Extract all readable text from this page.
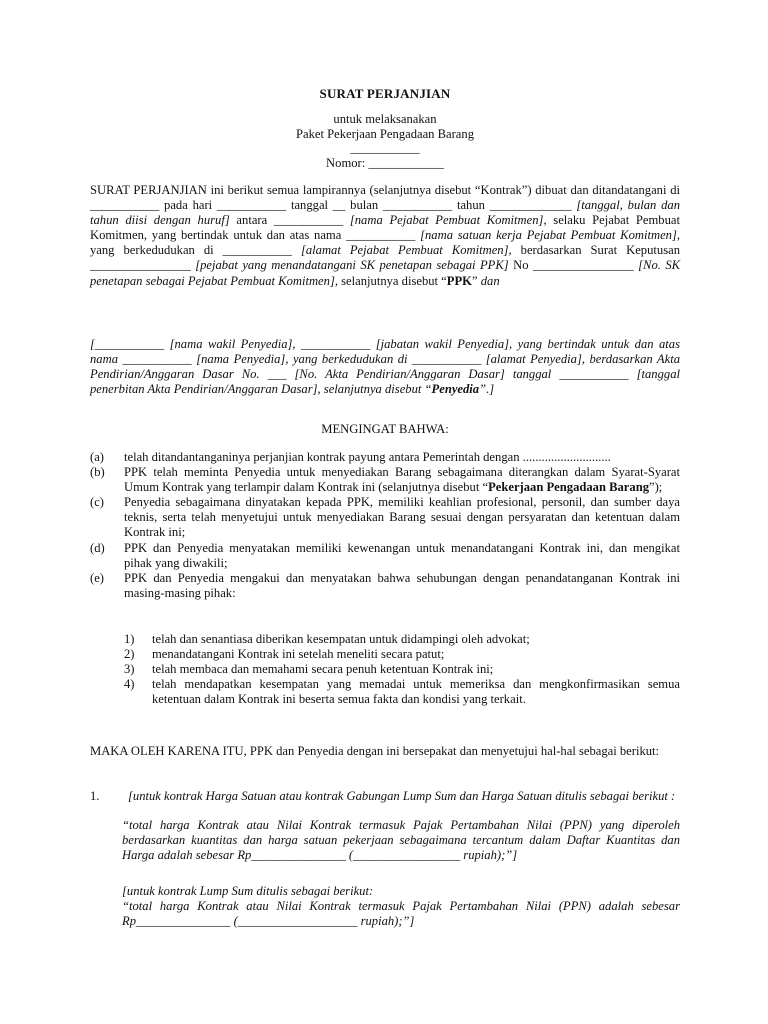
SURAT PERJANJIAN
untuk melaksanakan
Paket Pekerjaan Pengadaan Barang
___________
Nomor: ____________
SURAT PERJANJIAN ini berikut semua lampirannya (selanjutnya disebut “Kontrak”) dibuat dan ditandatangani di ___________ pada hari ___________ tanggal __ bulan ___________ tahun _____________ [tanggal, bulan dan tahun diisi dengan huruf] antara ___________ [nama Pejabat Pembuat Komitmen], selaku Pejabat Pembuat Komitmen, yang bertindak untuk dan atas nama ___________ [nama satuan kerja Pejabat Pembuat Komitmen], yang berkedudukan di ___________ [alamat Pejabat Pembuat Komitmen], berdasarkan Surat Keputusan ________________ [pejabat yang menandatangani SK penetapan sebagai PPK] No ________________ [No. SK penetapan sebagai Pejabat Pembuat Komitmen], selanjutnya disebut “PPK” dan
[___________ [nama wakil Penyedia], ___________ [jabatan wakil Penyedia], yang bertindak untuk dan atas nama ___________ [nama Penyedia], yang berkedudukan di ___________ [alamat Penyedia], berdasarkan Akta Pendirian/Anggaran Dasar No. ___ [No. Akta Pendirian/Anggaran Dasar] tanggal ___________ [tanggal penerbitan Akta Pendirian/Anggaran Dasar], selanjutnya disebut “Penyedia”.]
MENGINGAT BAHWA:
(a) telah ditandantanganinya perjanjian kontrak payung antara Pemerintah dengan ............................
(b) PPK telah meminta Penyedia untuk menyediakan Barang sebagaimana diterangkan dalam Syarat-Syarat Umum Kontrak yang terlampir dalam Kontrak ini (selanjutnya disebut “Pekerjaan Pengadaan Barang”);
(c) Penyedia sebagaimana dinyatakan kepada PPK, memiliki keahlian profesional, personil, dan sumber daya teknis, serta telah menyetujui untuk menyediakan Barang sesuai dengan persyaratan dan ketentuan dalam Kontrak ini;
(d) PPK dan Penyedia menyatakan memiliki kewenangan untuk menandatangani Kontrak ini, dan mengikat pihak yang diwakili;
(e) PPK dan Penyedia mengakui dan menyatakan bahwa sehubungan dengan penandatanganan Kontrak ini masing-masing pihak:
1) telah dan senantiasa diberikan kesempatan untuk didampingi oleh advokat;
2) menandatangani Kontrak ini setelah meneliti secara patut;
3) telah membaca dan memahami secara penuh ketentuan Kontrak ini;
4) telah mendapatkan kesempatan yang memadai untuk memeriksa dan mengkonfirmasikan semua ketentuan dalam Kontrak ini beserta semua fakta dan kondisi yang terkait.
MAKA OLEH KARENA ITU, PPK dan Penyedia dengan ini bersepakat dan menyetujui hal-hal sebagai berikut:
1. [untuk kontrak Harga Satuan atau kontrak Gabungan Lump Sum dan Harga Satuan ditulis sebagai berikut :
“total harga Kontrak atau Nilai Kontrak termasuk Pajak Pertambahan Nilai (PPN) yang diperoleh berdasarkan kuantitas dan harga satuan pekerjaan sebagaimana tercantum dalam Daftar Kuantitas dan Harga adalah sebesar Rp_______________ (_________________ rupiah);”]
[untuk kontrak Lump Sum ditulis sebagai berikut:
“total harga Kontrak atau Nilai Kontrak termasuk Pajak Pertambahan Nilai (PPN) adalah sebesar Rp_______________ (___________________ rupiah);”]
